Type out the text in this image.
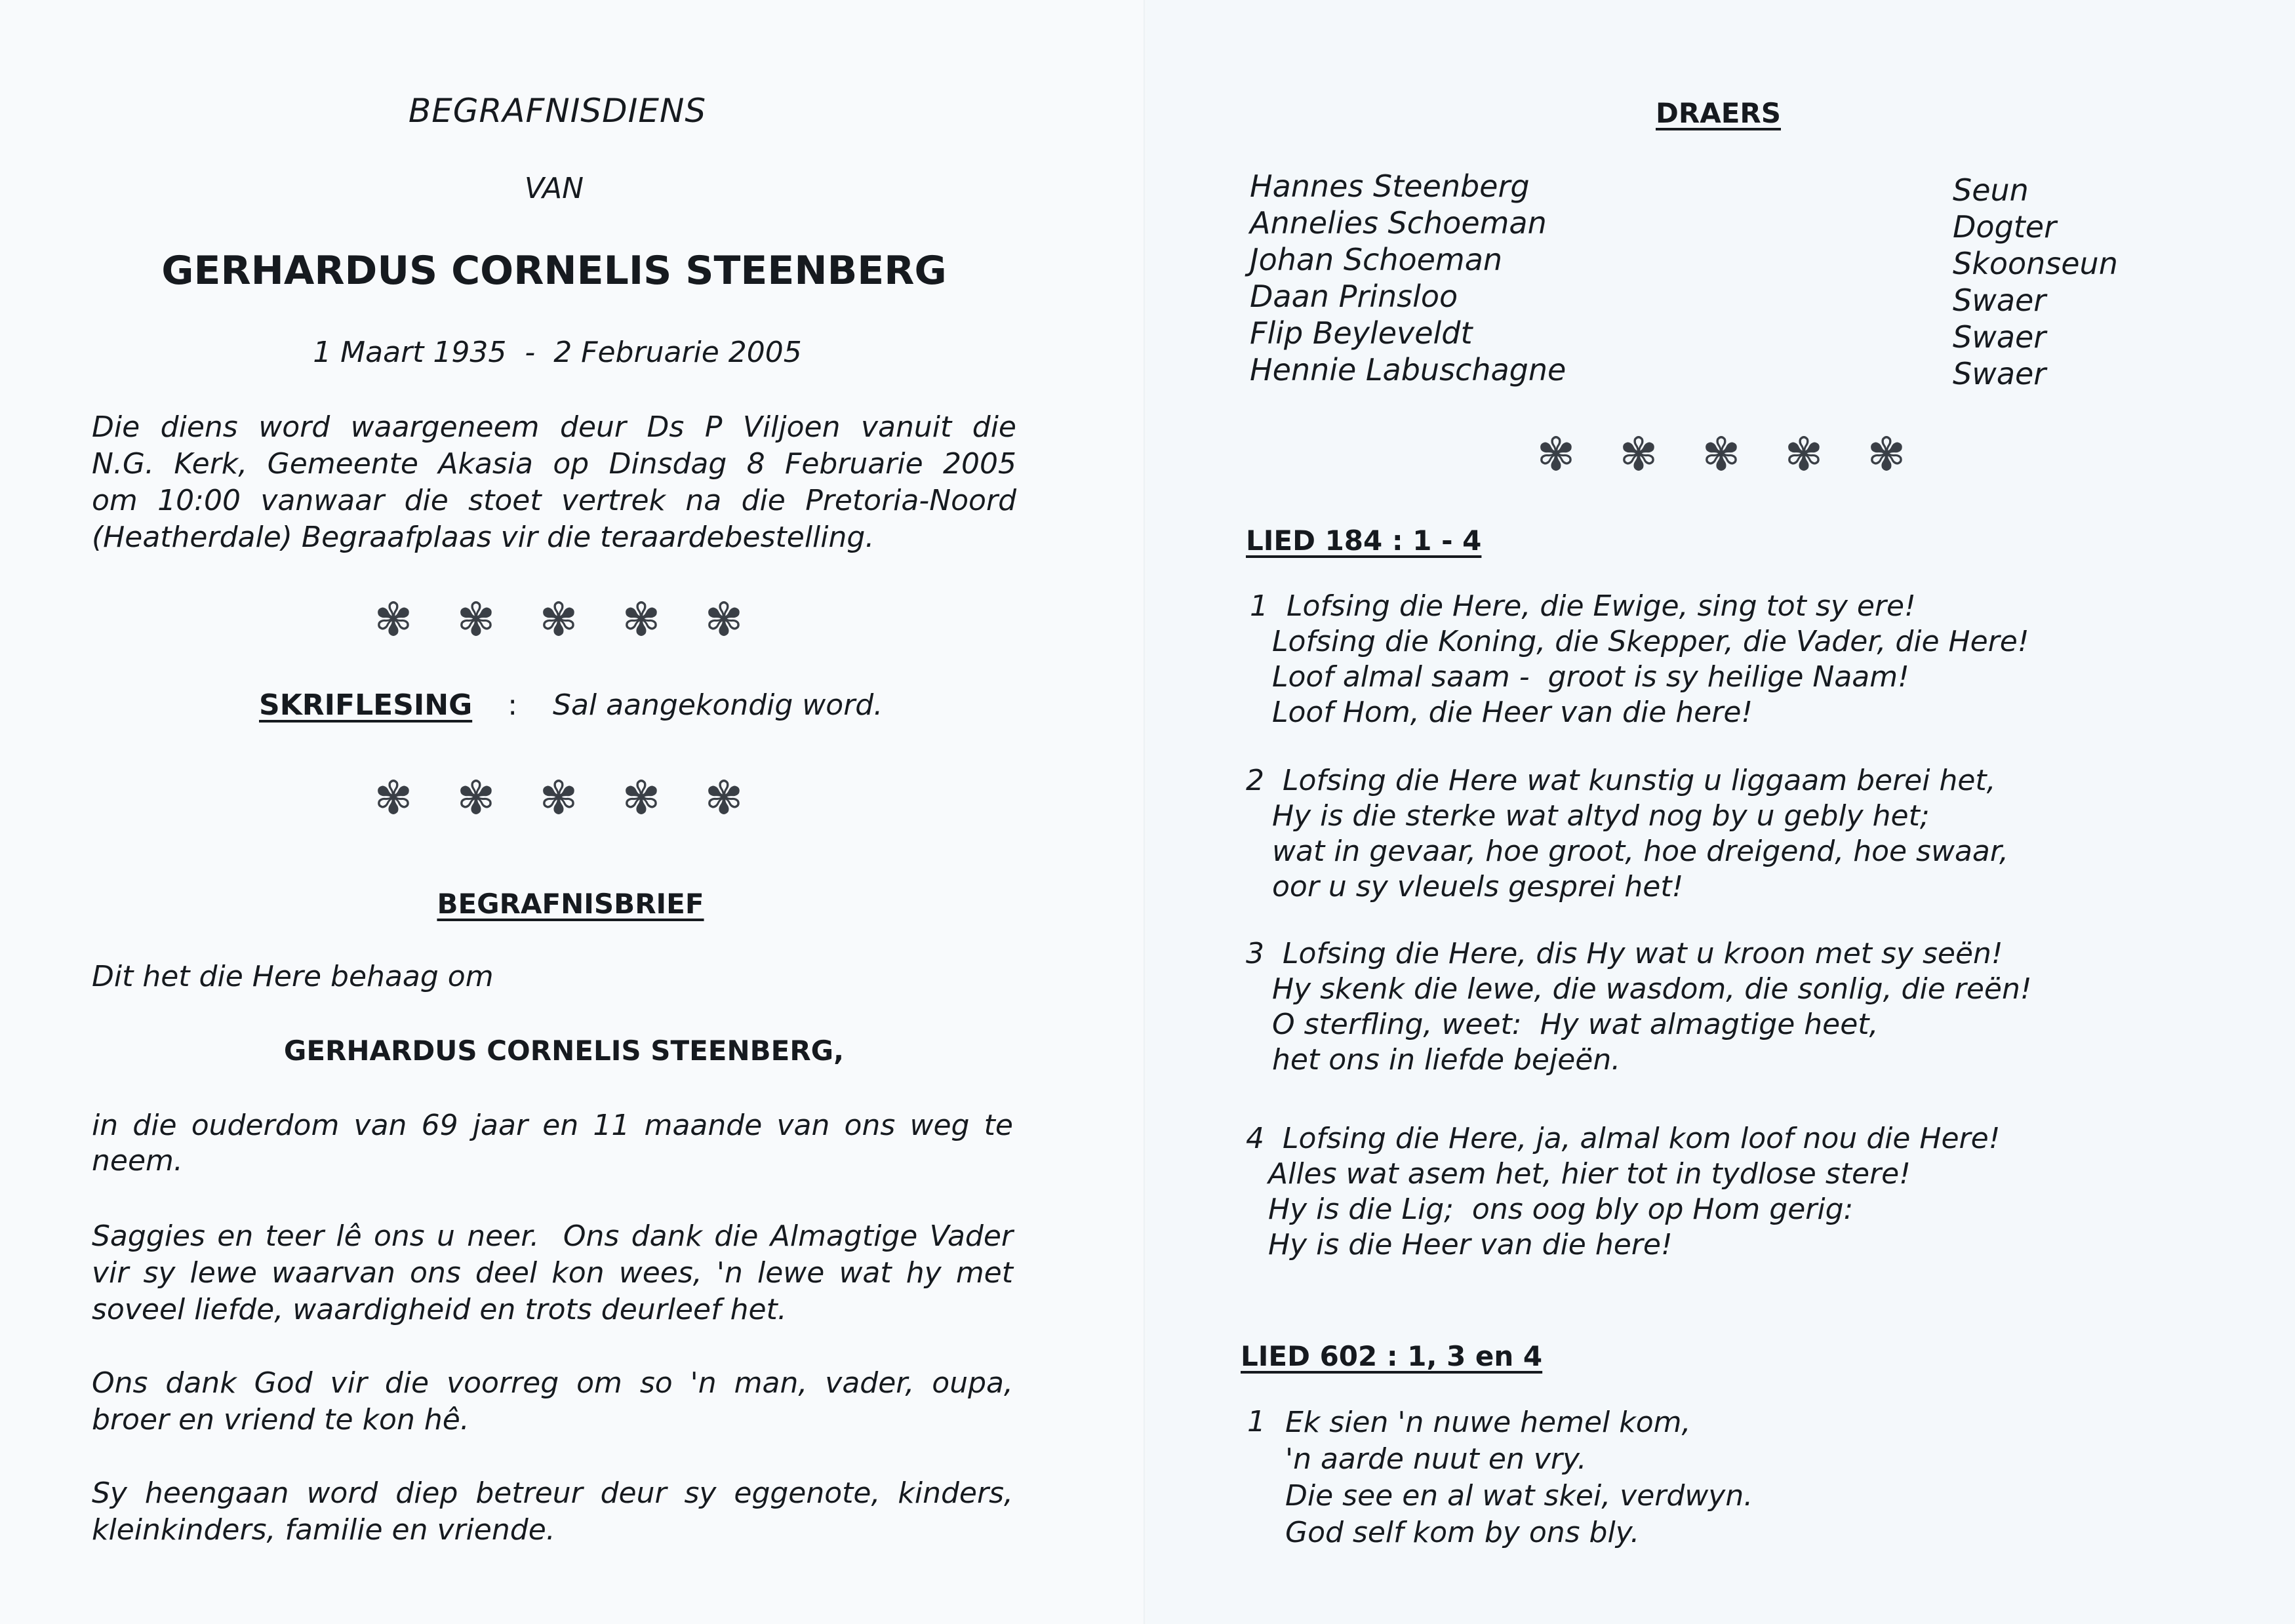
BEGRAFNISDIENS

VAN

GERHARDUS CORNELIS STEENBERG

1 Maart 1935  -  2 Februarie 2005

Die diens word waargeneem deur Ds P Viljoen vanuit die
N.G. Kerk, Gemeente Akasia op Dinsdag 8 Februarie 2005
om 10:00 vanwaar die stoet vertrek na die Pretoria-Noord
(Heatherdale) Begraafplaas vir die teraardebestelling.
✾ ✾ ✾ ✾ ✾
SKRIFLESING : Sal aangekondig word.
✾ ✾ ✾ ✾ ✾

BEGRAFNISBRIEF

Dit het die Here behaag om

GERHARDUS CORNELIS STEENBERG,

in die ouderdom van 69 jaar en 11 maande van ons weg te
neem.
Saggies en teer lê ons u neer.  Ons dank die Almagtige Vader
vir sy lewe waarvan ons deel kon wees, 'n lewe wat hy met
soveel liefde, waardigheid en trots deurleef het.
Ons dank God vir die voorreg om so 'n man, vader, oupa,
broer en vriend te kon hê.
Sy heengaan word diep betreur deur sy eggenote, kinders,
kleinkinders, familie en vriende.

DRAERS

Hannes Steenberg
Annelies Schoeman
Johan Schoeman
Daan Prinsloo
Flip Beyleveldt
Hennie Labuschagne
Seun
Dogter
Skoonseun
Swaer
Swaer
Swaer
✾ ✾ ✾ ✾ ✾

LIED 184 : 1 - 4

1  Lofsing die Here, die Ewige, sing tot sy ere!
Lofsing die Koning, die Skepper, die Vader, die Here!
Loof almal saam -  groot is sy heilige Naam!
Loof Hom, die Heer van die here!
2  Lofsing die Here wat kunstig u liggaam berei het,
Hy is die sterke wat altyd nog by u gebly het;
wat in gevaar, hoe groot, hoe dreigend, hoe swaar,
oor u sy vleuels gesprei het!
3  Lofsing die Here, dis Hy wat u kroon met sy seën!
Hy skenk die lewe, die wasdom, die sonlig, die reën!
O sterfling, weet:  Hy wat almagtige heet,
het ons in liefde bejeën.
4  Lofsing die Here, ja, almal kom loof nou die Here!
Alles wat asem het, hier tot in tydlose stere!
Hy is die Lig;  ons oog bly op Hom gerig:
Hy is die Heer van die here!

LIED 602 : 1, 3 en 4

1 Ek sien 'n nuwe hemel kom,
'n aarde nuut en vry.
Die see en al wat skei, verdwyn.
God self kom by ons bly.
